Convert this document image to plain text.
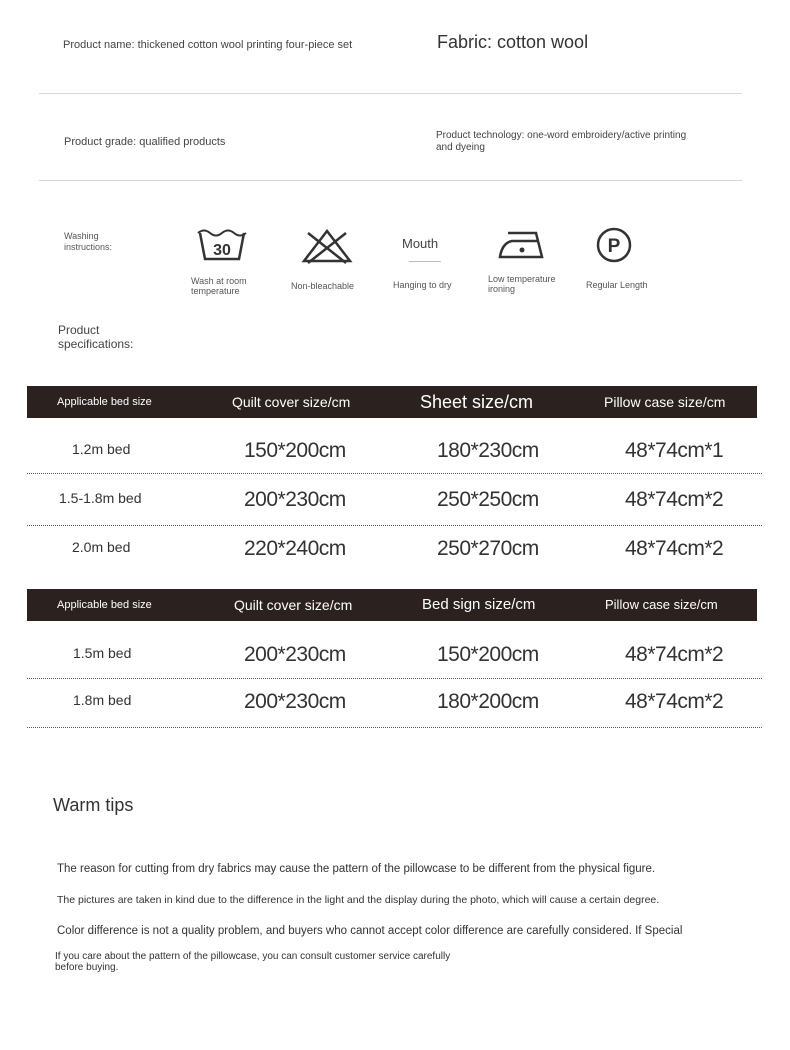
Product name: thickened cotton wool printing four-piece set	Fabric: cotton wool
Product grade: qualified products
Product technology: one-word embroidery/active printing
and dyeing
Washing
instructions:	30
Wash at room
temperature	Non-bleachable
Mouth
Hanging to dry
Low temperature
ironing
P
Regular Length
Product
specifications:
Applicable bed size	Quilt cover size/cm	Sheet size/cm	Pillow case size/cm
1.2m bed	150*200cm	180*230cm	48*74cm*1
1.5-1.8m bed	200*230cm	250*250cm	48*74cm*2
2.0m bed	220*240cm	250*270cm	48*74cm*2
Applicable bed size	Quilt cover size/cm	Bed sign size/cm	Pillow case size/cm
1.5m bed	200*230cm	150*200cm	48*74cm*2
1.8m bed	200*230cm	180*200cm	48*74cm*2
Warm tips
The reason for cutting from dry fabrics may cause the pattern of the pillowcase to be different from the physical figure.
The pictures are taken in kind due to the difference in the light and the display during the photo, which will cause a certain degree.
Color difference is not a quality problem, and buyers who cannot accept color difference are carefully considered. If Special
If you care about the pattern of the pillowcase, you can consult customer service carefully
before buying.
